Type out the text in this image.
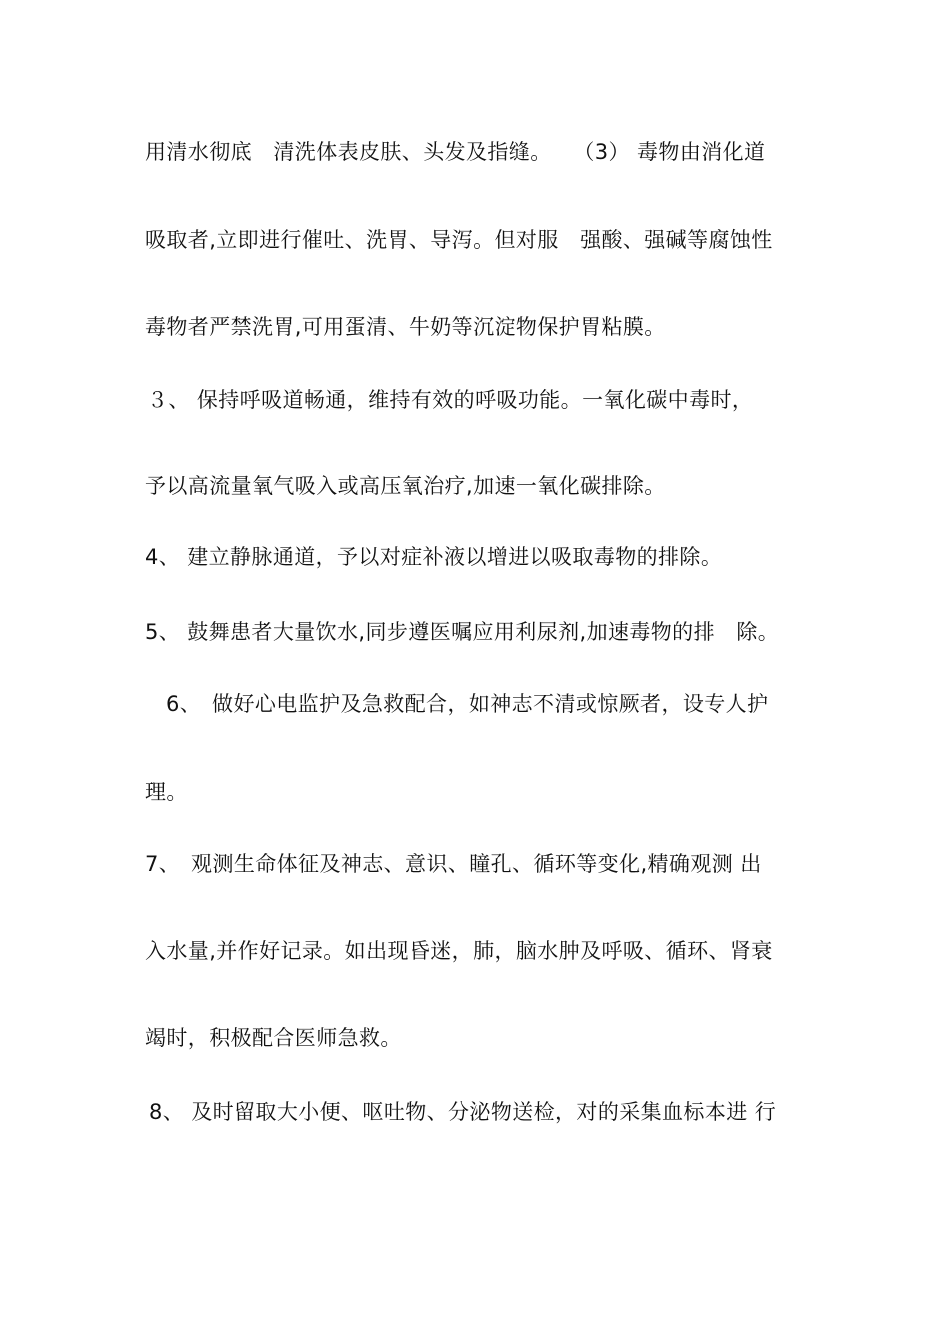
用清水彻底　清洗体表皮肤、头发及指缝。　　（3） 毒物由消化道
吸取者,立即进行催吐、洗胃、导泻。但对服　强酸、强碱等腐蚀性
毒物者严禁洗胃,可用蛋清、牛奶等沉淀物保护胃粘膜。
３、 保持呼吸道畅通，维持有效的呼吸功能。一氧化碳中毒时，
予以高流量氧气吸入或高压氧治疗,加速一氧化碳排除。
4、 建立静脉通道，予以对症补液以增进以吸取毒物的排除。
5、 鼓舞患者大量饮水,同步遵医嘱应用利尿剂,加速毒物的排　除。
6、　做好心电监护及急救配合，如神志不清或惊厥者，设专人护
理。
7、　观测生命体征及神志、意识、瞳孔、循环等变化,精确观测 出
入水量,并作好记录。如出现昏迷，肺，脑水肿及呼吸、循环、肾衰
竭时，积极配合医师急救。
8、 及时留取大小便、呕吐物、分泌物送检，对的采集血标本进 行
